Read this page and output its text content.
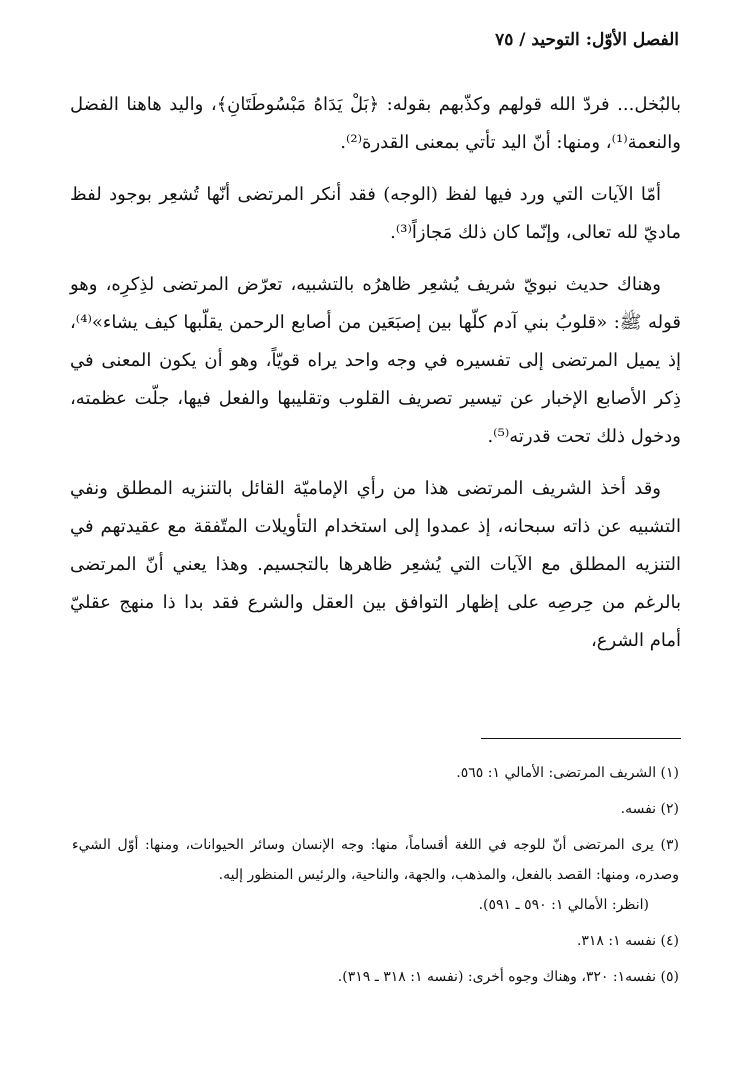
الفصل الأوّل: التوحيد / ٧٥

بالبُخل... فردّ الله قولهم وكذّبهم بقوله: ﴿بَلْ يَدَاهُ مَبْسُوطَتَانِ﴾، واليد هاهنا الفضل والنعمة⁽¹⁾، ومنها: أنّ اليد تأتي بمعنى القدرة⁽²⁾.

أمّا الآيات التي ورد فيها لفظ (الوجه) فقد أنكر المرتضى أنّها تُشعِر بوجود لفظ ماديّ لله تعالى، وإنّما كان ذلك مَجازاً⁽³⁾.

وهناك حديث نبويّ شريف يُشعِر ظاهرُه بالتشبيه، تعرّض المرتضى لذِكرِه، وهو قوله ﷺ: «قلوبُ بني آدم كلّها بين إصبَعَين من أصابع الرحمن يقلّبها كيف يشاء»⁽⁴⁾، إذ يميل المرتضى إلى تفسيره في وجه واحد يراه قويّاً، وهو أن يكون المعنى في ذِكر الأصابع الإخبار عن تيسير تصريف القلوب وتقليبها والفعل فيها، جلّت عظمته، ودخول ذلك تحت قدرته⁽⁵⁾.

وقد أخذ الشريف المرتضى هذا من رأي الإماميّة القائل بالتنزيه المطلق ونفي التشبيه عن ذاته سبحانه، إذ عمدوا إلى استخدام التأويلات المتّفقة مع عقيدتهم في التنزيه المطلق مع الآيات التي يُشعِر ظاهرها بالتجسيم. وهذا يعني أنّ المرتضى بالرغم من حِرصِه على إظهار التوافق بين العقل والشرع فقد بدا ذا منهج عقليّ أمام الشرع،

(١) الشريف المرتضى: الأمالي ١: ٥٦٥.
(٢) نفسه.
(٣) يرى المرتضى أنّ للوجه في اللغة أقساماً، منها: وجه الإنسان وسائر الحيوانات، ومنها: أوّل الشيء وصدره، ومنها: القصد بالفعل، والمذهب، والجهة، والناحية، والرئيس المنظور إليه.
(انظر: الأمالي ١: ٥٩٠ ـ ٥٩١).
(٤) نفسه ١: ٣١٨.
(٥) نفسه١: ٣٢٠، وهناك وجوه أخرى: (نفسه ١: ٣١٨ ـ ٣١٩).
